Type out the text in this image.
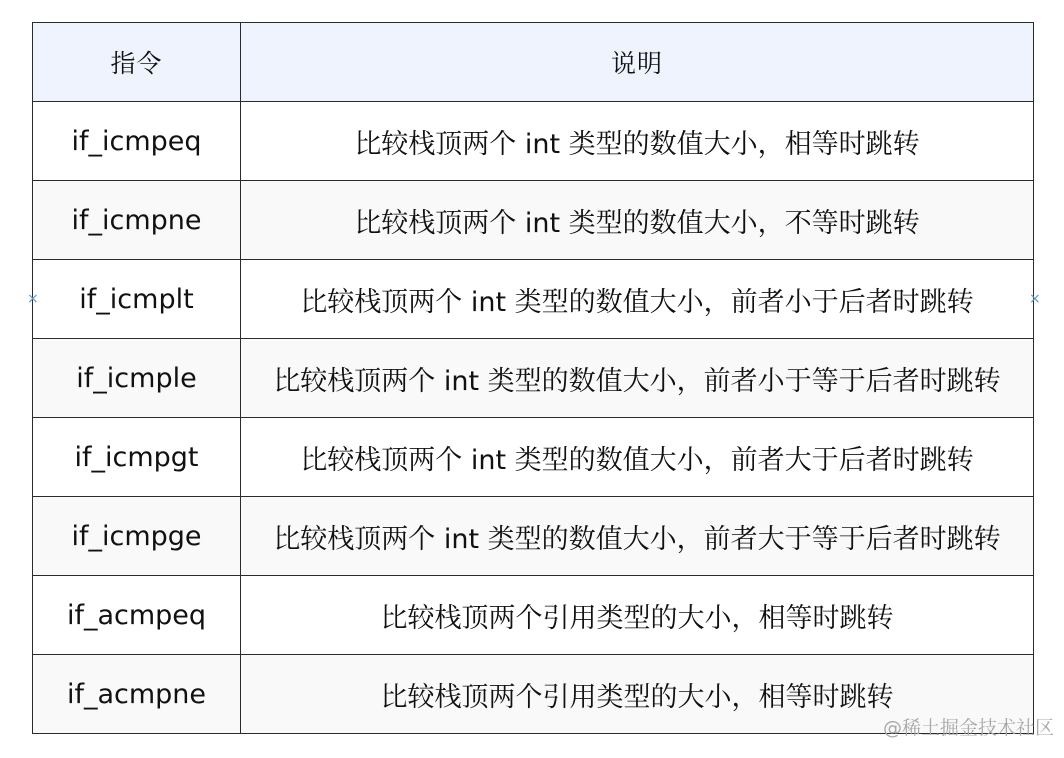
指令	说明
if_icmpeq	比较栈顶两个 int 类型的数值大小，相等时跳转
if_icmpne	比较栈顶两个 int 类型的数值大小，不等时跳转
if_icmplt	比较栈顶两个 int 类型的数值大小，前者小于后者时跳转
if_icmple	比较栈顶两个 int 类型的数值大小，前者小于等于后者时跳转
if_icmpgt	比较栈顶两个 int 类型的数值大小，前者大于后者时跳转
if_icmpge	比较栈顶两个 int 类型的数值大小，前者大于等于后者时跳转
if_acmpeq	比较栈顶两个引用类型的大小，相等时跳转
if_acmpne	比较栈顶两个引用类型的大小，相等时跳转
×	×
@稀土掘金技术社区
